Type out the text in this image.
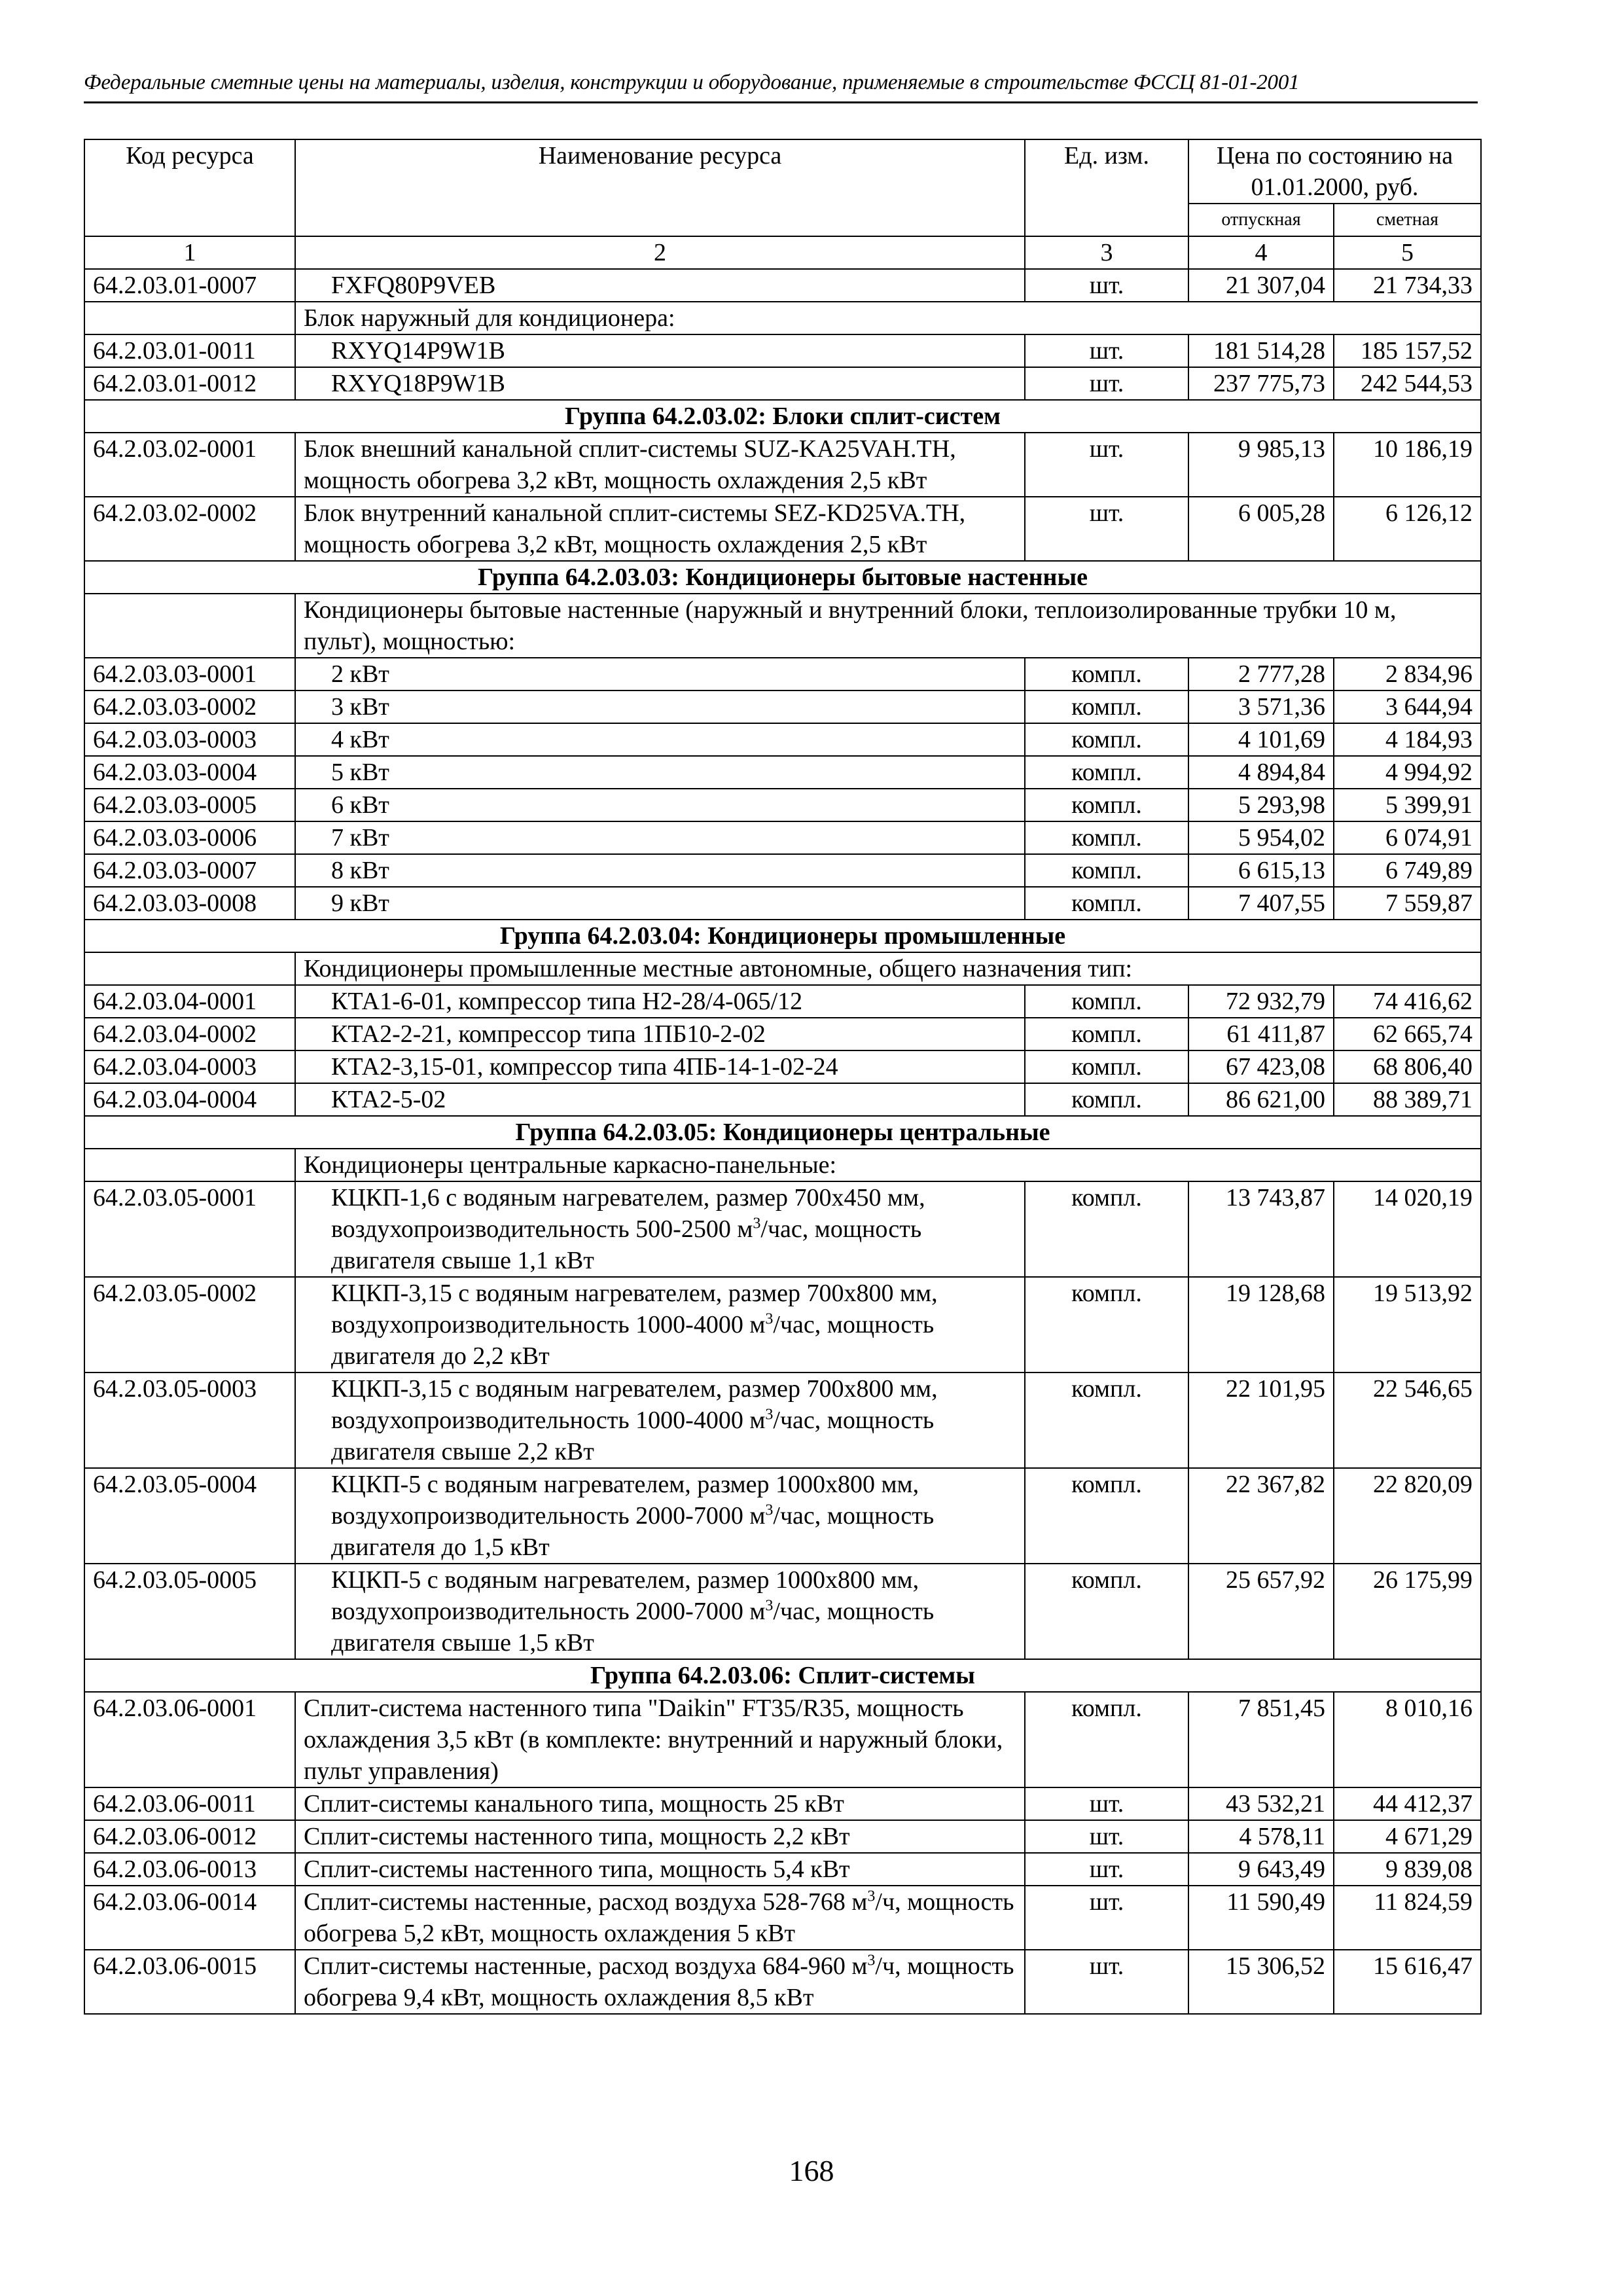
Федеральные сметные цены на материалы, изделия, конструкции и оборудование, применяемые в строительстве ФССЦ 81-01-2001
Код ресурса	Наименование ресурса	Ед. изм.	Цена по состоянию на 01.01.2000, руб.	
			отпускная	сметная
1	2	3	4	5
64.2.03.01-0007	FXFQ80P9VEB	шт.	21 307,04	21 734,33
	Блок наружный для кондиционера:			
64.2.03.01-0011	RXYQ14P9W1B	шт.	181 514,28	185 157,52
64.2.03.01-0012	RXYQ18P9W1B	шт.	237 775,73	242 544,53
Группа 64.2.03.02: Блоки сплит-систем				
64.2.03.02-0001	Блок внешний канальной сплит-системы SUZ-KA25VAH.TH, мощность обогрева 3,2 кВт, мощность охлаждения 2,5 кВт	шт.	9 985,13	10 186,19
64.2.03.02-0002	Блок внутренний канальной сплит-системы SEZ-KD25VA.TH, мощность обогрева 3,2 кВт, мощность охлаждения 2,5 кВт	шт.	6 005,28	6 126,12
Группа 64.2.03.03: Кондиционеры бытовые настенные				
	Кондиционеры бытовые настенные (наружный и внутренний блоки, теплоизолированные трубки 10 м, пульт), мощностью:			
64.2.03.03-0001	2 кВт	компл.	2 777,28	2 834,96
64.2.03.03-0002	3 кВт	компл.	3 571,36	3 644,94
64.2.03.03-0003	4 кВт	компл.	4 101,69	4 184,93
64.2.03.03-0004	5 кВт	компл.	4 894,84	4 994,92
64.2.03.03-0005	6 кВт	компл.	5 293,98	5 399,91
64.2.03.03-0006	7 кВт	компл.	5 954,02	6 074,91
64.2.03.03-0007	8 кВт	компл.	6 615,13	6 749,89
64.2.03.03-0008	9 кВт	компл.	7 407,55	7 559,87
Группа 64.2.03.04: Кондиционеры промышленные				
	Кондиционеры промышленные местные автономные, общего назначения тип:			
64.2.03.04-0001	КТА1-6-01, компрессор типа Н2-28/4-065/12	компл.	72 932,79	74 416,62
64.2.03.04-0002	КТА2-2-21, компрессор типа 1ПБ10-2-02	компл.	61 411,87	62 665,74
64.2.03.04-0003	КТА2-3,15-01, компрессор типа 4ПБ-14-1-02-24	компл.	67 423,08	68 806,40
64.2.03.04-0004	КТА2-5-02	компл.	86 621,00	88 389,71
Группа 64.2.03.05: Кондиционеры центральные				
	Кондиционеры центральные каркасно-панельные:			
64.2.03.05-0001	КЦКП-1,6 с водяным нагревателем, размер 700x450 мм, воздухопроизводительность 500-2500 $м^3$/час, мощность двигателя свыше 1,1 кВт	компл.	13 743,87	14 020,19
64.2.03.05-0002	КЦКП-3,15 с водяным нагревателем, размер 700x800 мм, воздухопроизводительность 1000-4000 $м^3$/час, мощность двигателя до 2,2 кВт	компл.	19 128,68	19 513,92
64.2.03.05-0003	КЦКП-3,15 с водяным нагревателем, размер 700x800 мм, воздухопроизводительность 1000-4000 $м^3$/час, мощность двигателя свыше 2,2 кВт	компл.	22 101,95	22 546,65
64.2.03.05-0004	КЦКП-5 с водяным нагревателем, размер 1000x800 мм, воздухопроизводительность 2000-7000 $м^3$/час, мощность двигателя до 1,5 кВт	компл.	22 367,82	22 820,09
64.2.03.05-0005	КЦКП-5 с водяным нагревателем, размер 1000x800 мм, воздухопроизводительность 2000-7000 $м^3$/час, мощность двигателя свыше 1,5 кВт	компл.	25 657,92	26 175,99
Группа 64.2.03.06: Сплит-системы				
64.2.03.06-0001	Сплит-система настенного типа "Daikin" FT35/R35, мощность охлаждения 3,5 кВт (в комплекте: внутренний и наружный блоки, пульт управления)	компл.	7 851,45	8 010,16
64.2.03.06-0011	Сплит-системы канального типа, мощность 25 кВт	шт.	43 532,21	44 412,37
64.2.03.06-0012	Сплит-системы настенного типа, мощность 2,2 кВт	шт.	4 578,11	4 671,29
64.2.03.06-0013	Сплит-системы настенного типа, мощность 5,4 кВт	шт.	9 643,49	9 839,08
64.2.03.06-0014	Сплит-системы настенные, расход воздуха 528-768 $м^3/ч$, мощность обогрева 5,2 кВт, мощность охлаждения 5 кВт	шт.	11 590,49	11 824,59
64.2.03.06-0015	Сплит-системы настенные, расход воздуха 684-960 $м^3/ч$, мощность обогрева 9,4 кВт, мощность охлаждения 8,5 кВт	шт.	15 306,52	15 616,47
168
